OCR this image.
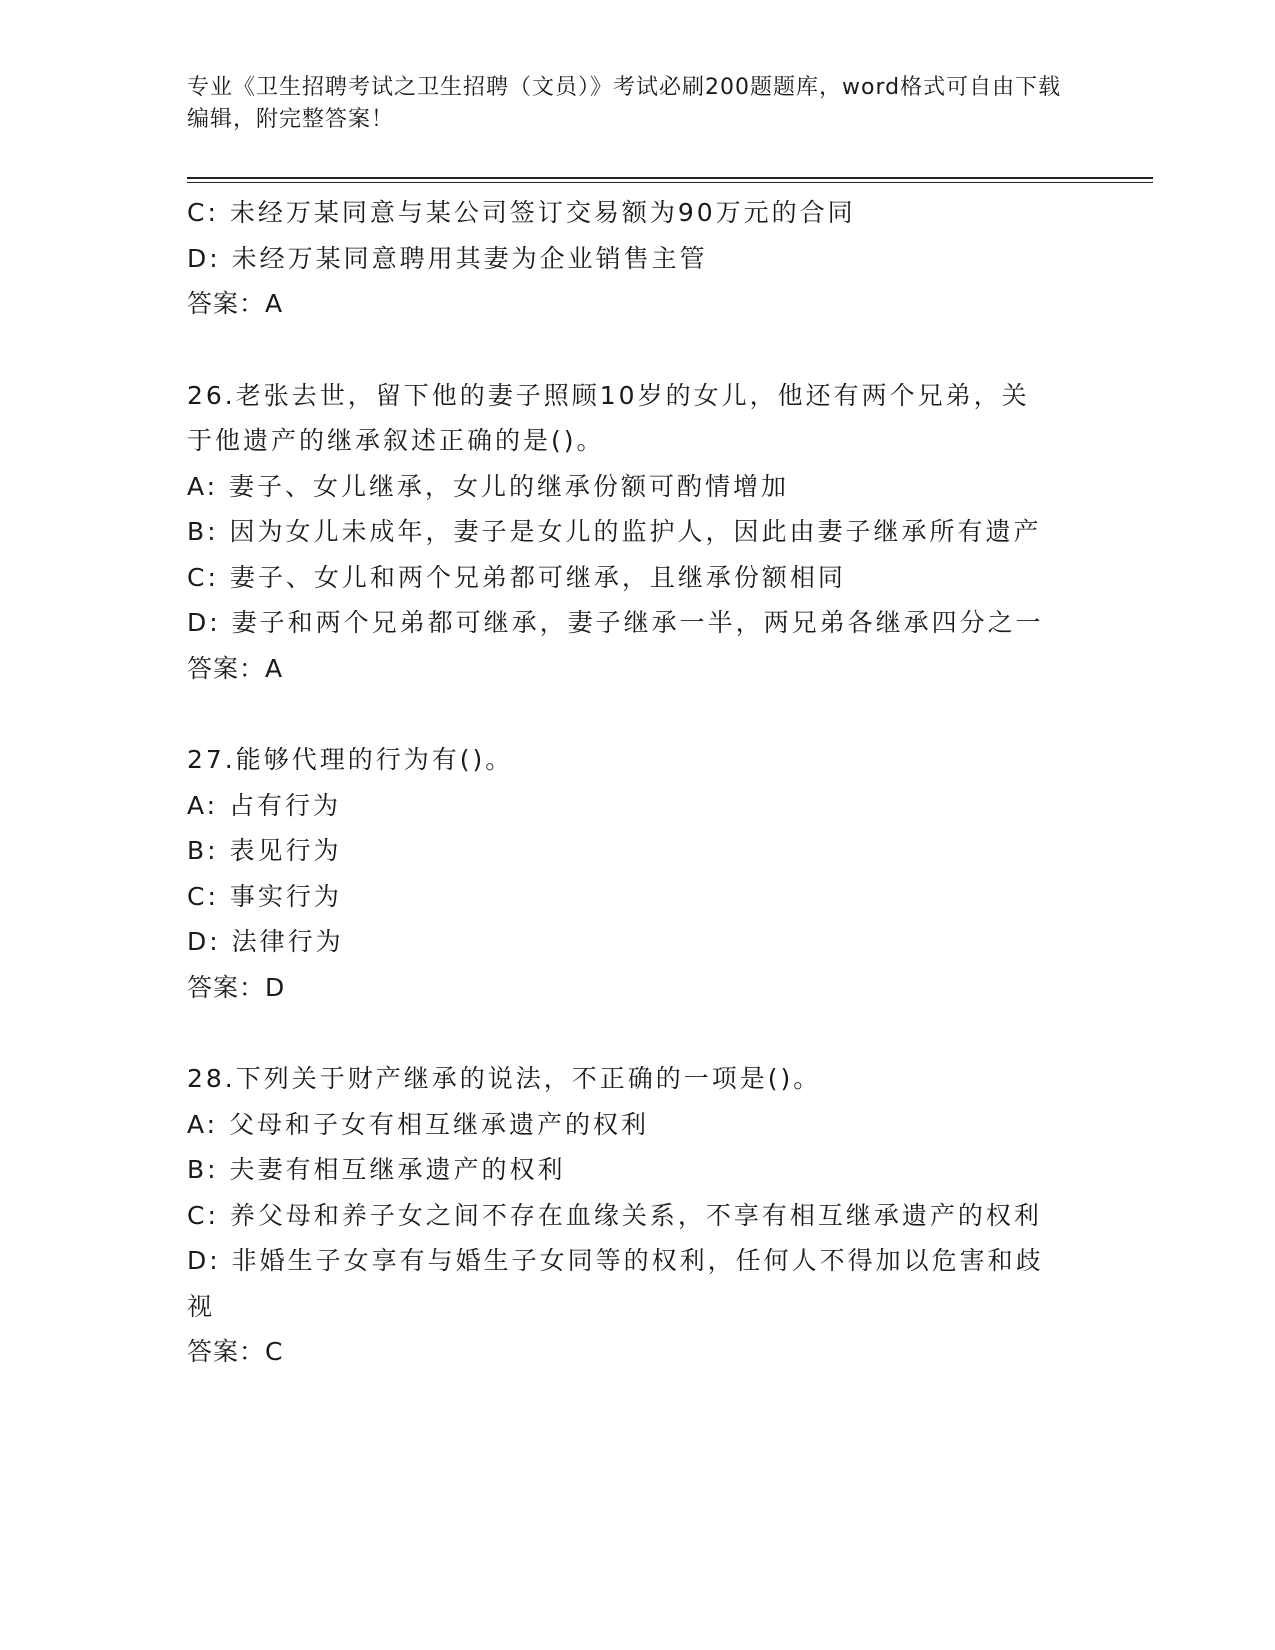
专业《卫生招聘考试之卫生招聘（文员）》考试必刷200题题库，word格式可自由下载编辑，附完整答案！
C: 未经万某同意与某公司签订交易额为90万元的合同
D: 未经万某同意聘用其妻为企业销售主管
答案：A
26.老张去世，留下他的妻子照顾10岁的女儿，他还有两个兄弟，关
于他遗产的继承叙述正确的是()。
A: 妻子、女儿继承，女儿的继承份额可酌情增加
B: 因为女儿未成年，妻子是女儿的监护人，因此由妻子继承所有遗产
C: 妻子、女儿和两个兄弟都可继承，且继承份额相同
D: 妻子和两个兄弟都可继承，妻子继承一半，两兄弟各继承四分之一
答案：A
27.能够代理的行为有()。
A: 占有行为
B: 表见行为
C: 事实行为
D: 法律行为
答案：D
28.下列关于财产继承的说法，不正确的一项是()。
A: 父母和子女有相互继承遗产的权利
B: 夫妻有相互继承遗产的权利
C: 养父母和养子女之间不存在血缘关系，不享有相互继承遗产的权利
D: 非婚生子女享有与婚生子女同等的权利，任何人不得加以危害和歧
视
答案：C
